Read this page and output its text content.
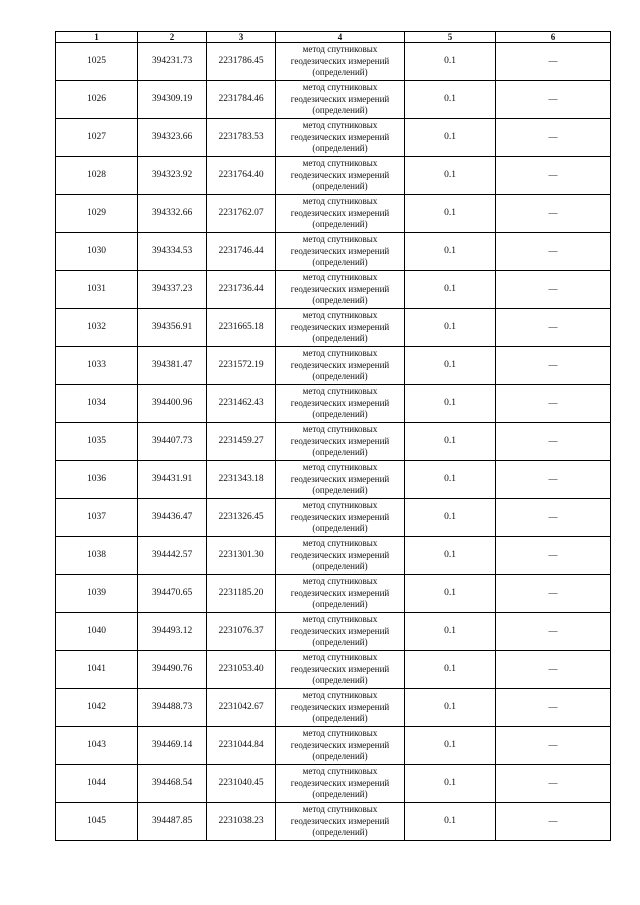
1	2	3	4	5	6
1025	394231.73	2231786.45	метод спутниковых
геодезических измерений
(определений)	0.1	—
1026	394309.19	2231784.46	метод спутниковых
геодезических измерений
(определений)	0.1	—
1027	394323.66	2231783.53	метод спутниковых
геодезических измерений
(определений)	0.1	—
1028	394323.92	2231764.40	метод спутниковых
геодезических измерений
(определений)	0.1	—
1029	394332.66	2231762.07	метод спутниковых
геодезических измерений
(определений)	0.1	—
1030	394334.53	2231746.44	метод спутниковых
геодезических измерений
(определений)	0.1	—
1031	394337.23	2231736.44	метод спутниковых
геодезических измерений
(определений)	0.1	—
1032	394356.91	2231665.18	метод спутниковых
геодезических измерений
(определений)	0.1	—
1033	394381.47	2231572.19	метод спутниковых
геодезических измерений
(определений)	0.1	—
1034	394400.96	2231462.43	метод спутниковых
геодезических измерений
(определений)	0.1	—
1035	394407.73	2231459.27	метод спутниковых
геодезических измерений
(определений)	0.1	—
1036	394431.91	2231343.18	метод спутниковых
геодезических измерений
(определений)	0.1	—
1037	394436.47	2231326.45	метод спутниковых
геодезических измерений
(определений)	0.1	—
1038	394442.57	2231301.30	метод спутниковых
геодезических измерений
(определений)	0.1	—
1039	394470.65	2231185.20	метод спутниковых
геодезических измерений
(определений)	0.1	—
1040	394493.12	2231076.37	метод спутниковых
геодезических измерений
(определений)	0.1	—
1041	394490.76	2231053.40	метод спутниковых
геодезических измерений
(определений)	0.1	—
1042	394488.73	2231042.67	метод спутниковых
геодезических измерений
(определений)	0.1	—
1043	394469.14	2231044.84	метод спутниковых
геодезических измерений
(определений)	0.1	—
1044	394468.54	2231040.45	метод спутниковых
геодезических измерений
(определений)	0.1	—
1045	394487.85	2231038.23	метод спутниковых
геодезических измерений
(определений)	0.1	—
